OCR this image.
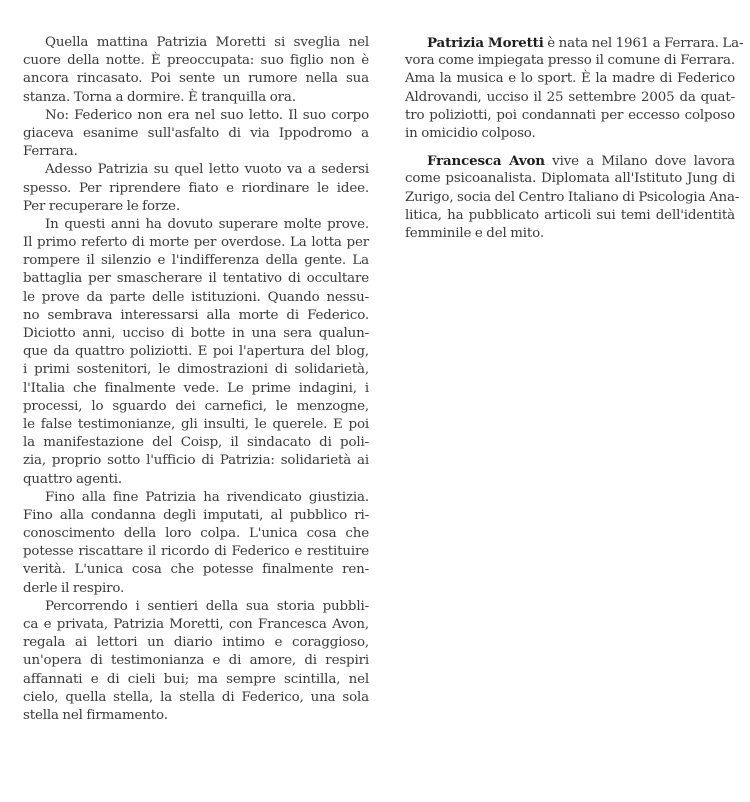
Quella mattina Patrizia Moretti si sveglia nel
cuore della notte. È preoccupata: suo figlio non è
ancora rincasato. Poi sente un rumore nella sua
stanza. Torna a dormire. È tranquilla ora.

No: Federico non era nel suo letto. Il suo corpo
giaceva esanime sull'asfalto di via Ippodromo a
Ferrara.

Adesso Patrizia su quel letto vuoto va a sedersi
spesso. Per riprendere fiato e riordinare le idee.
Per recuperare le forze.

In questi anni ha dovuto superare molte prove.
Il primo referto di morte per overdose. La lotta per
rompere il silenzio e l'indifferenza della gente. La
battaglia per smascherare il tentativo di occultare
le prove da parte delle istituzioni. Quando nessu-
no sembrava interessarsi alla morte di Federico.
Diciotto anni, ucciso di botte in una sera qualun-
que da quattro poliziotti. E poi l'apertura del blog,
i primi sostenitori, le dimostrazioni di solidarietà,
l'Italia che finalmente vede. Le prime indagini, i
processi, lo sguardo dei carnefici, le menzogne,
le false testimonianze, gli insulti, le querele. E poi
la manifestazione del Coisp, il sindacato di poli-
zia, proprio sotto l'ufficio di Patrizia: solidarietà ai
quattro agenti.

Fino alla fine Patrizia ha rivendicato giustizia.
Fino alla condanna degli imputati, al pubblico ri-
conoscimento della loro colpa. L'unica cosa che
potesse riscattare il ricordo di Federico e restituire
verità. L'unica cosa che potesse finalmente ren-
derle il respiro.

Percorrendo i sentieri della sua storia pubbli-
ca e privata, Patrizia Moretti, con Francesca Avon,
regala ai lettori un diario intimo e coraggioso,
un'opera di testimonianza e di amore, di respiri
affannati e di cieli bui; ma sempre scintilla, nel
cielo, quella stella, la stella di Federico, una sola
stella nel firmamento.

Patrizia Moretti è nata nel 1961 a Ferrara. La-
vora come impiegata presso il comune di Ferrara.
Ama la musica e lo sport. È la madre di Federico
Aldrovandi, ucciso il 25 settembre 2005 da quat-
tro poliziotti, poi condannati per eccesso colposo
in omicidio colposo.

Francesca Avon vive a Milano dove lavora
come psicoanalista. Diplomata all'Istituto Jung di
Zurigo, socia del Centro Italiano di Psicologia Ana-
litica, ha pubblicato articoli sui temi dell'identità
femminile e del mito.
